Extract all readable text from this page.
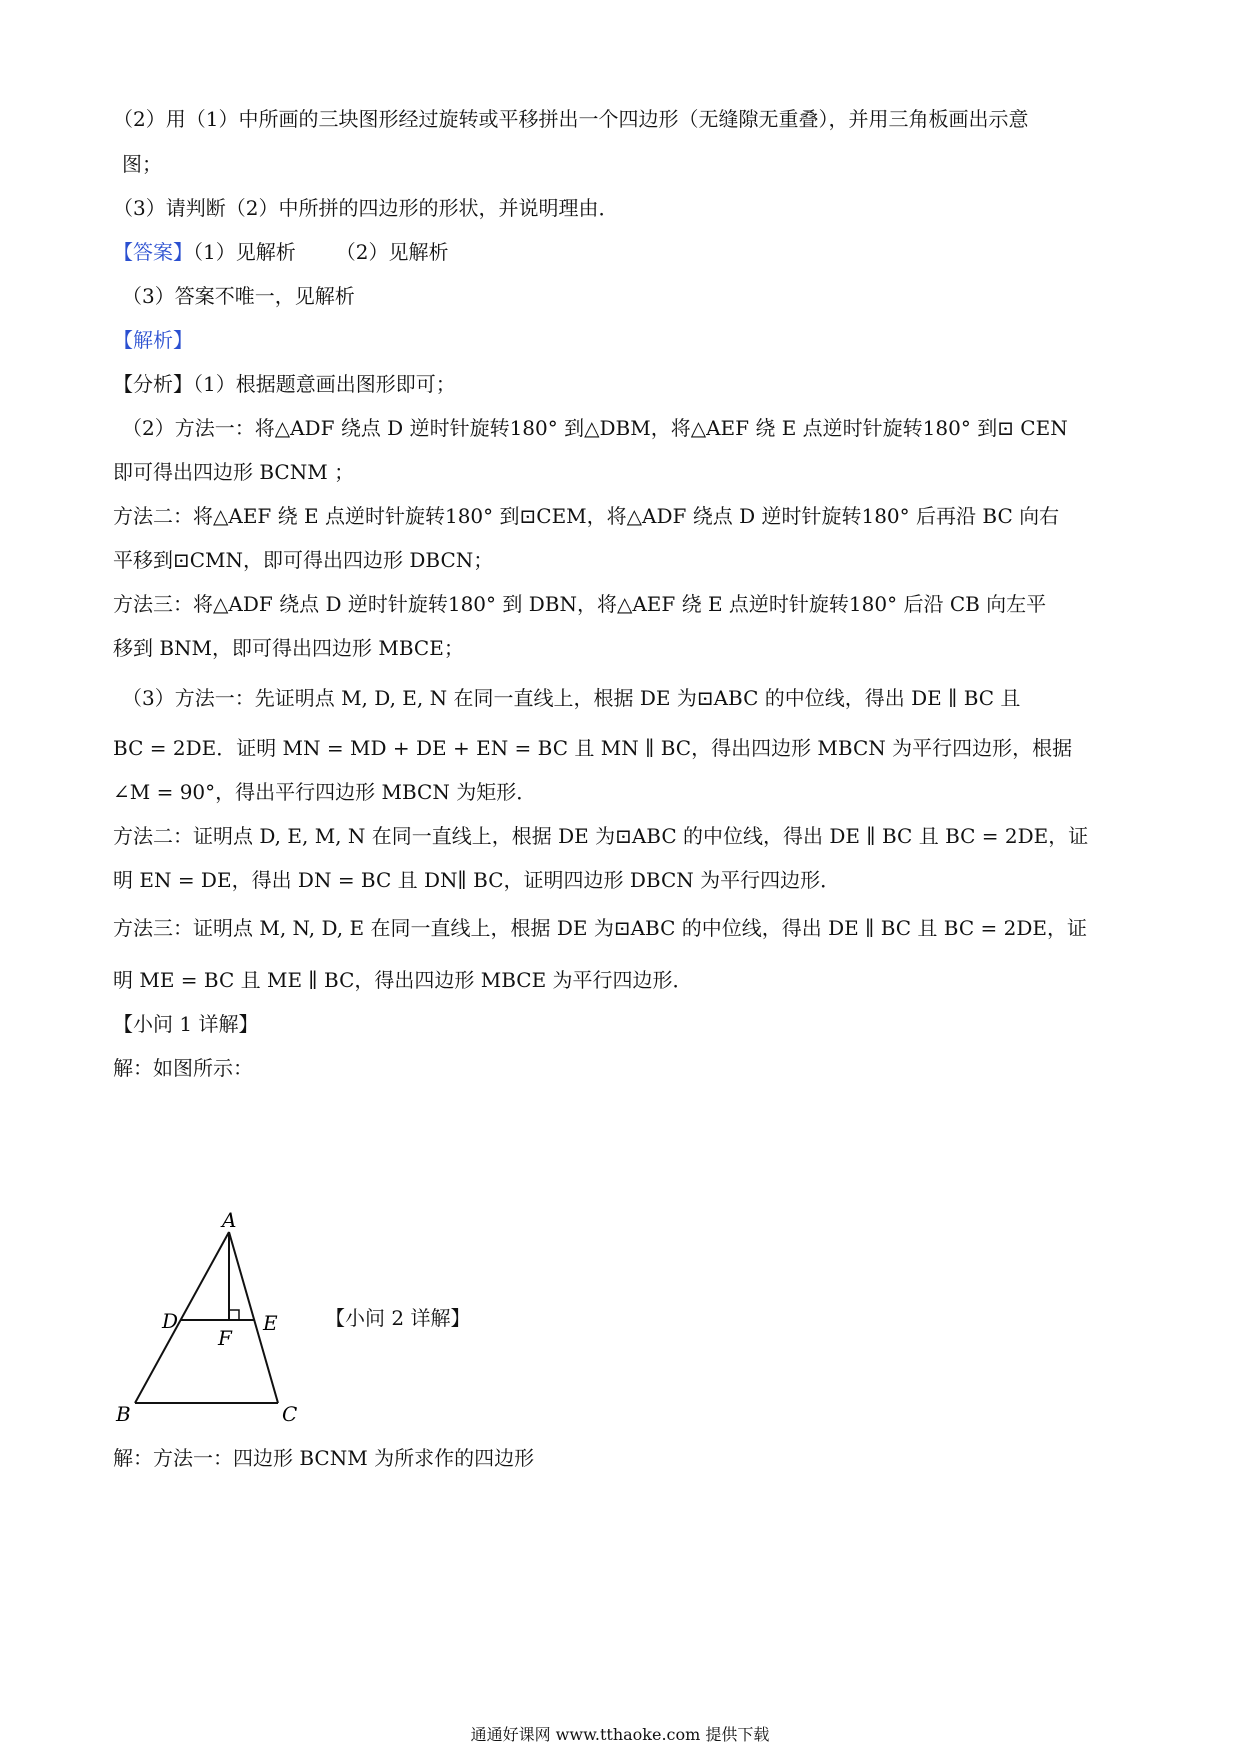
（2）用（1）中所画的三块图形经过旋转或平移拼出一个四边形（无缝隙无重叠），并用三角板画出示意
图；
（3）请判断（2）中所拼的四边形的形状，并说明理由．
【答案】（1）见解析 （2）见解析
（3）答案不唯一，见解析
【解析】
【分析】（1）根据题意画出图形即可；
（2）方法一：将△ADF 绕点 D 逆时针旋转180° 到△DBM，将△AEF 绕 E 点逆时针旋转180° 到⊡ CEN
即可得出四边形 BCNM ；
方法二：将△AEF 绕 E 点逆时针旋转180° 到⊡CEM，将△ADF 绕点 D 逆时针旋转180° 后再沿 BC 向右
平移到⊡CMN，即可得出四边形 DBCN；
方法三：将△ADF 绕点 D 逆时针旋转180° 到 DBN，将△AEF 绕 E 点逆时针旋转180° 后沿 CB 向左平
移到 BNM，即可得出四边形 MBCE；
（3）方法一：先证明点 M, D, E, N 在同一直线上，根据 DE 为⊡ABC 的中位线，得出 DE ∥ BC 且
BC = 2DE．证明 MN = MD + DE + EN = BC 且 MN ∥ BC，得出四边形 MBCN 为平行四边形，根据
∠M = 90°，得出平行四边形 MBCN 为矩形．
方法二：证明点 D, E, M, N 在同一直线上，根据 DE 为⊡ABC 的中位线，得出 DE ∥ BC 且 BC = 2DE，证
明 EN = DE，得出 DN = BC 且 DN∥ BC，证明四边形 DBCN 为平行四边形．
方法三：证明点 M, N, D, E 在同一直线上，根据 DE 为⊡ABC 的中位线，得出 DE ∥ BC 且 BC = 2DE，证
明 ME = BC 且 ME ∥ BC，得出四边形 MBCE 为平行四边形．
【小问 1 详解】
解：如图所示：
A
D	E
F
B	C
【小问 2 详解】
解：方法一：四边形 BCNM 为所求作的四边形
通通好课网 www.tthaoke.com 提供下载
